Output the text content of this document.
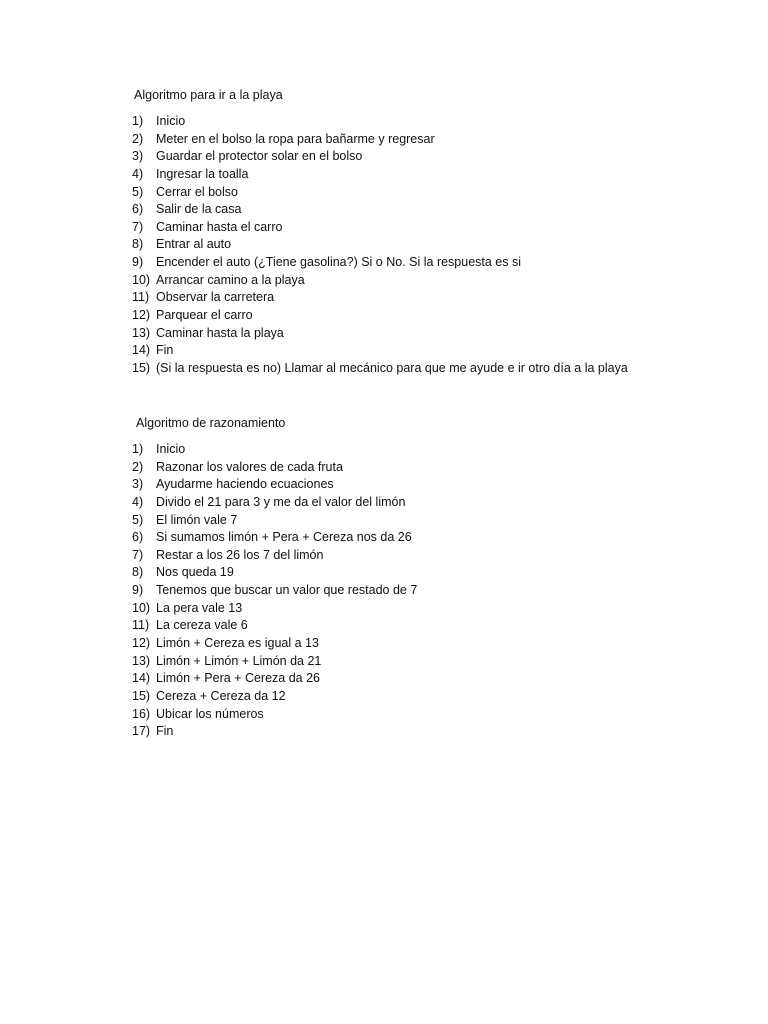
Algoritmo para ir a la playa
1) Inicio
2) Meter en el bolso la ropa para bañarme y regresar
3) Guardar el protector solar en el bolso
4) Ingresar la toalla
5) Cerrar el bolso
6) Salir de la casa
7) Caminar hasta el carro
8) Entrar al auto
9) Encender el auto (¿Tiene gasolina?) Si o No. Si la respuesta es si
10) Arrancar camino a la playa
11) Observar la carretera
12) Parquear el carro
13) Caminar hasta la playa
14) Fin
15) (Si la respuesta es no) Llamar al mecánico para que me ayude e ir otro día a la playa
Algoritmo de razonamiento
1) Inicio
2) Razonar los valores de cada fruta
3) Ayudarme haciendo ecuaciones
4) Divido el 21 para 3 y me da el valor del limón
5) El limón vale 7
6) Si sumamos limón + Pera + Cereza nos da 26
7) Restar a los 26 los 7 del limón
8) Nos queda 19
9) Tenemos que buscar un valor que restado de 7
10) La pera vale 13
11) La cereza vale 6
12) Limón + Cereza es igual a 13
13) Limón + Limón + Limón da 21
14) Limón + Pera + Cereza da 26
15) Cereza + Cereza da 12
16) Ubicar los números
17) Fin
